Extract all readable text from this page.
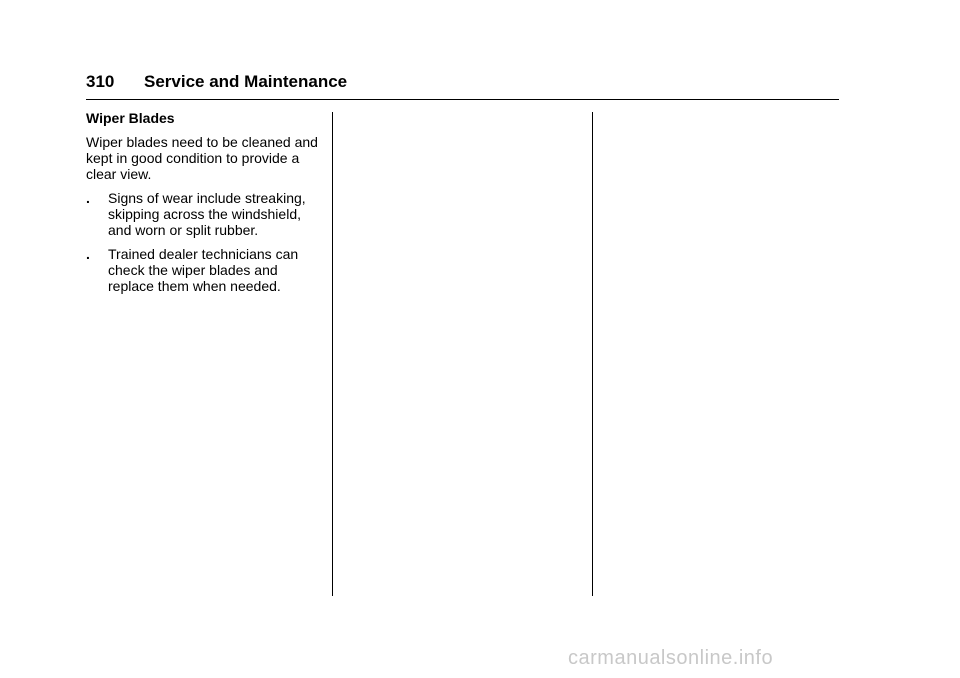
310 Service and Maintenance
Wiper Blades

Wiper blades need to be cleaned and kept in good condition to provide a clear view.

. Signs of wear include streaking, skipping across the windshield, and worn or split rubber.
. Trained dealer technicians can check the wiper blades and replace them when needed.
carmanualsonline.info
